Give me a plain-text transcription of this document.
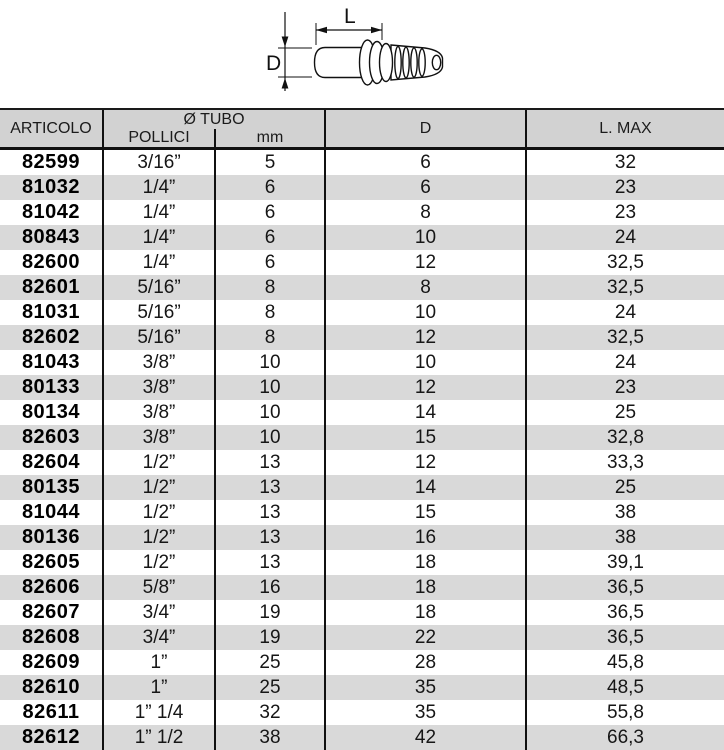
L
D
ARTICOLO
Ø TUBO
POLLICI	mm
D	L. MAX
82599	3/16”	5	6	32
81032	1/4”	6	6	23
81042	1/4”	6	8	23
80843	1/4”	6	10	24
82600	1/4”	6	12	32,5
82601	5/16”	8	8	32,5
81031	5/16”	8	10	24
82602	5/16”	8	12	32,5
81043	3/8”	10	10	24
80133	3/8”	10	12	23
80134	3/8”	10	14	25
82603	3/8”	10	15	32,8
82604	1/2”	13	12	33,3
80135	1/2”	13	14	25
81044	1/2”	13	15	38
80136	1/2”	13	16	38
82605	1/2”	13	18	39,1
82606	5/8”	16	18	36,5
82607	3/4”	19	18	36,5
82608	3/4”	19	22	36,5
82609	1”	25	28	45,8
82610	1”	25	35	48,5
82611	1” 1/4	32	35	55,8
82612	1” 1/2	38	42	66,3
